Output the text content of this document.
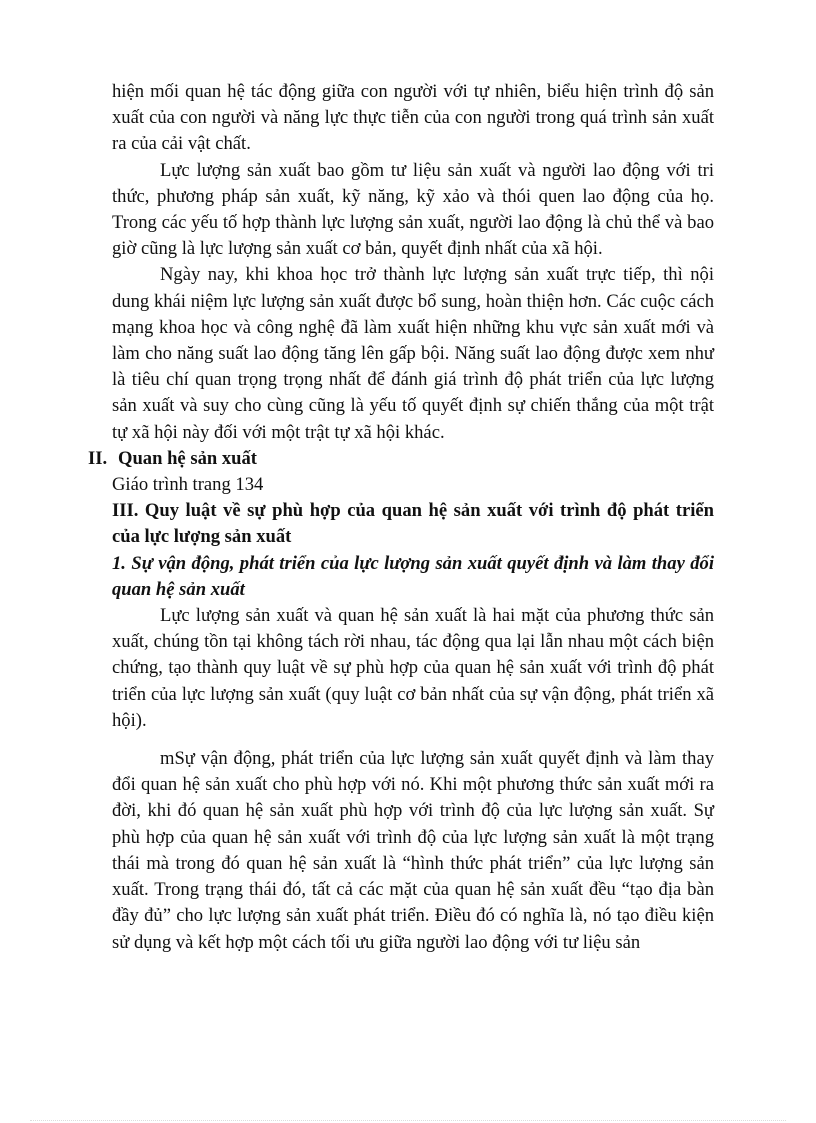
hiện mối quan hệ tác động giữa con người với tự nhiên, biểu hiện trình độ sản xuất của con người và năng lực thực tiễn của con người trong quá trình sản xuất ra của cải vật chất.

Lực lượng sản xuất bao gồm tư liệu sản xuất và người lao động với tri thức, phương pháp sản xuất, kỹ năng, kỹ xảo và thói quen lao động của họ. Trong các yếu tố hợp thành lực lượng sản xuất, người lao động là chủ thể và bao giờ cũng là lực lượng sản xuất cơ bản, quyết định nhất của xã hội.

Ngày nay, khi khoa học trở thành lực lượng sản xuất trực tiếp, thì nội dung khái niệm lực lượng sản xuất được bổ sung, hoàn thiện hơn. Các cuộc cách mạng khoa học và công nghệ đã làm xuất hiện những khu vực sản xuất mới và làm cho năng suất lao động tăng lên gấp bội. Năng suất lao động được xem như là tiêu chí quan trọng trọng nhất để đánh giá trình độ phát triển của lực lượng sản xuất và suy cho cùng cũng là yếu tố quyết định sự chiến thắng của một trật tự xã hội này đối với một trật tự xã hội khác.

II. Quan hệ sản xuất

Giáo trình trang 134

III. Quy luật về sự phù hợp của quan hệ sản xuất với trình độ phát triển của lực lượng sản xuất

1. Sự vận động, phát triển của lực lượng sản xuất quyết định và làm thay đổi quan hệ sản xuất

Lực lượng sản xuất và quan hệ sản xuất là hai mặt của phương thức sản xuất, chúng tồn tại không tách rời nhau, tác động qua lại lẫn nhau một cách biện chứng, tạo thành quy luật về sự phù hợp của quan hệ sản xuất với trình độ phát triển của lực lượng sản xuất (quy luật cơ bản nhất của sự vận động, phát triển xã hội).

mSự vận động, phát triển của lực lượng sản xuất quyết định và làm thay đổi quan hệ sản xuất cho phù hợp với nó. Khi một phương thức sản xuất mới ra đời, khi đó quan hệ sản xuất phù hợp với trình độ của lực lượng sản xuất. Sự phù hợp của quan hệ sản xuất với trình độ của lực lượng sản xuất là một trạng thái mà trong đó quan hệ sản xuất là “hình thức phát triển” của lực lượng sản xuất. Trong trạng thái đó, tất cả các mặt của quan hệ sản xuất đều “tạo địa bàn đầy đủ” cho lực lượng sản xuất phát triển. Điều đó có nghĩa là, nó tạo điều kiện sử dụng và kết hợp một cách tối ưu giữa người lao động với tư liệu sản
